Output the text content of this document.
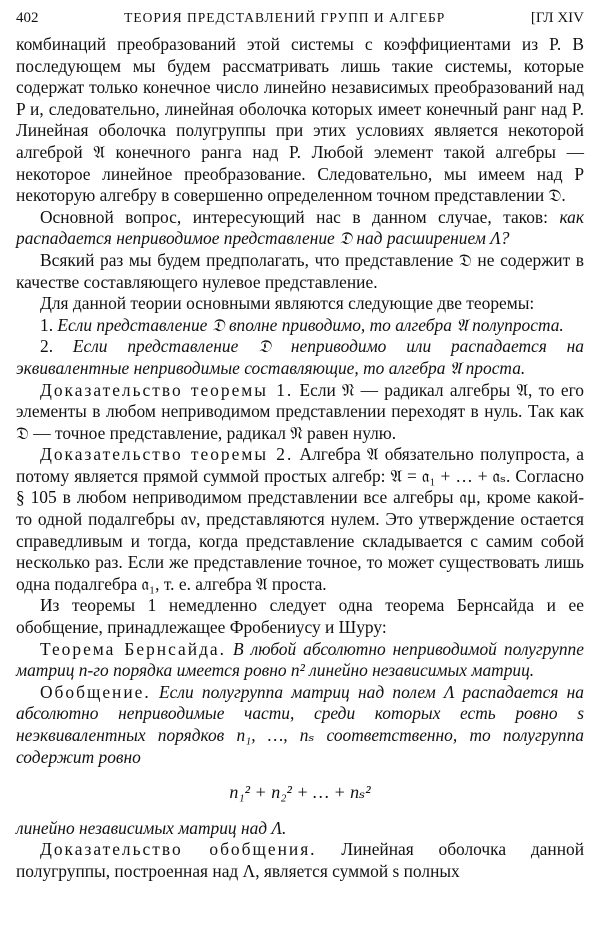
402	ТЕОРИЯ ПРЕДСТАВЛЕНИЙ ГРУПП И АЛГЕБР	[ГЛ XIV

комбинаций преобразований этой системы с коэффициентами из P. В последующем мы будем рассматривать лишь такие системы, которые содержат только конечное число линейно независимых преобразований над P и, следовательно, линейная оболочка которых имеет конечный ранг над P. Линейная оболочка полугруппы при этих условиях является некоторой алгеброй 𝔄 конечного ранга над P. Любой элемент такой алгебры — некоторое линейное преобразование. Следовательно, мы имеем над P некоторую алгебру в совершенно определенном точном представлении 𝔇.

Основной вопрос, интересующий нас в данном случае, таков: как распадается неприводимое представление 𝔇 над расширением Λ?

Всякий раз мы будем предполагать, что представление 𝔇 не содержит в качестве составляющего нулевое представление.

Для данной теории основными являются следующие две теоремы:

1. Если представление 𝔇 вполне приводимо, то алгебра 𝔄 полупроста.

2. Если представление 𝔇 неприводимо или распадается на эквивалентные неприводимые составляющие, то алгебра 𝔄 проста.

Доказательство теоремы 1. Если 𝔑 — радикал алгебры 𝔄, то его элементы в любом неприводимом представлении переходят в нуль. Так как 𝔇 — точное представление, радикал 𝔑 равен нулю.

Доказательство теоремы 2. Алгебра 𝔄 обязательно полупроста, а потому является прямой суммой простых алгебр: 𝔄 = 𝔞₁ + … + 𝔞ₛ. Согласно § 105 в любом неприводимом представлении все алгебры 𝔞μ, кроме какой-то одной подалгебры 𝔞ν, представляются нулем. Это утверждение остается справедливым и тогда, когда представление складывается с самим собой несколько раз. Если же представление точное, то может существовать лишь одна подалгебра 𝔞₁, т. е. алгебра 𝔄 проста.

Из теоремы 1 немедленно следует одна теорема Бернсайда и ее обобщение, принадлежащее Фробениусу и Шуру:

Теорема Бернсайда. В любой абсолютно неприводимой полугруппе матриц n-го порядка имеется ровно n² линейно независимых матриц.

Обобщение. Если полугруппа матриц над полем Λ распадается на абсолютно неприводимые части, среди которых есть ровно s неэквивалентных порядков n₁, …, nₛ соответственно, то полугруппа содержит ровно

n₁² + n₂² + … + nₛ²

линейно независимых матриц над Λ.

Доказательство обобщения. Линейная оболочка данной полугруппы, построенная над Λ, является суммой s полных
